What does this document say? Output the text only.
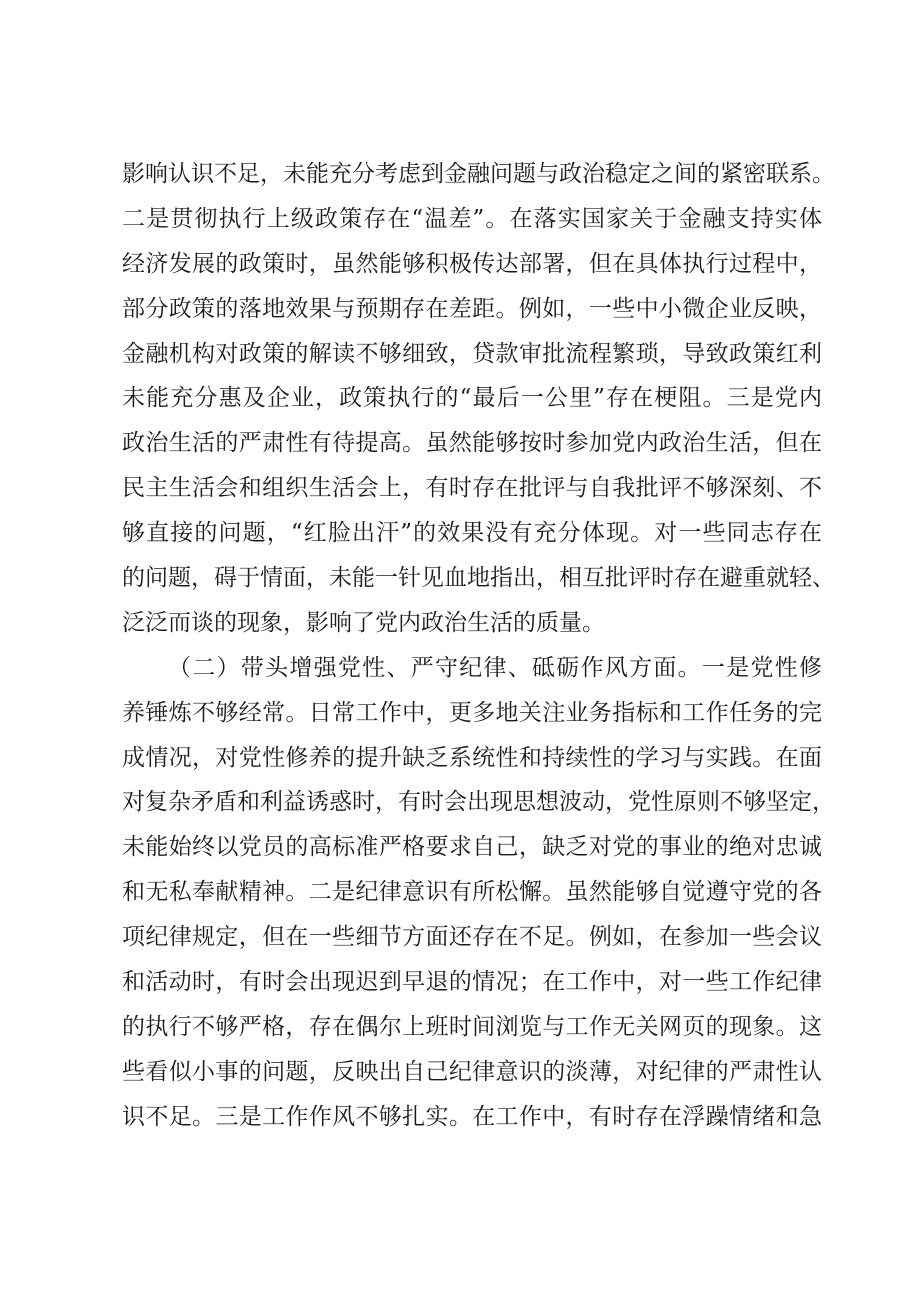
影响认识不足，未能充分考虑到金融问题与政治稳定之间的紧密联系。
二是贯彻执行上级政策存在“温差”。在落实国家关于金融支持实体
经济发展的政策时，虽然能够积极传达部署，但在具体执行过程中，
部分政策的落地效果与预期存在差距。例如，一些中小微企业反映，
金融机构对政策的解读不够细致，贷款审批流程繁琐，导致政策红利
未能充分惠及企业，政策执行的“最后一公里”存在梗阻。三是党内
政治生活的严肃性有待提高。虽然能够按时参加党内政治生活，但在
民主生活会和组织生活会上，有时存在批评与自我批评不够深刻、不
够直接的问题，“红脸出汗”的效果没有充分体现。对一些同志存在
的问题，碍于情面，未能一针见血地指出，相互批评时存在避重就轻、
泛泛而谈的现象，影响了党内政治生活的质量。
（二）带头增强党性、严守纪律、砥砺作风方面。一是党性修
养锤炼不够经常。日常工作中，更多地关注业务指标和工作任务的完
成情况，对党性修养的提升缺乏系统性和持续性的学习与实践。在面
对复杂矛盾和利益诱惑时，有时会出现思想波动，党性原则不够坚定，
未能始终以党员的高标准严格要求自己，缺乏对党的事业的绝对忠诚
和无私奉献精神。二是纪律意识有所松懈。虽然能够自觉遵守党的各
项纪律规定，但在一些细节方面还存在不足。例如，在参加一些会议
和活动时，有时会出现迟到早退的情况；在工作中，对一些工作纪律
的执行不够严格，存在偶尔上班时间浏览与工作无关网页的现象。这
些看似小事的问题，反映出自己纪律意识的淡薄，对纪律的严肃性认
识不足。三是工作作风不够扎实。在工作中，有时存在浮躁情绪和急
